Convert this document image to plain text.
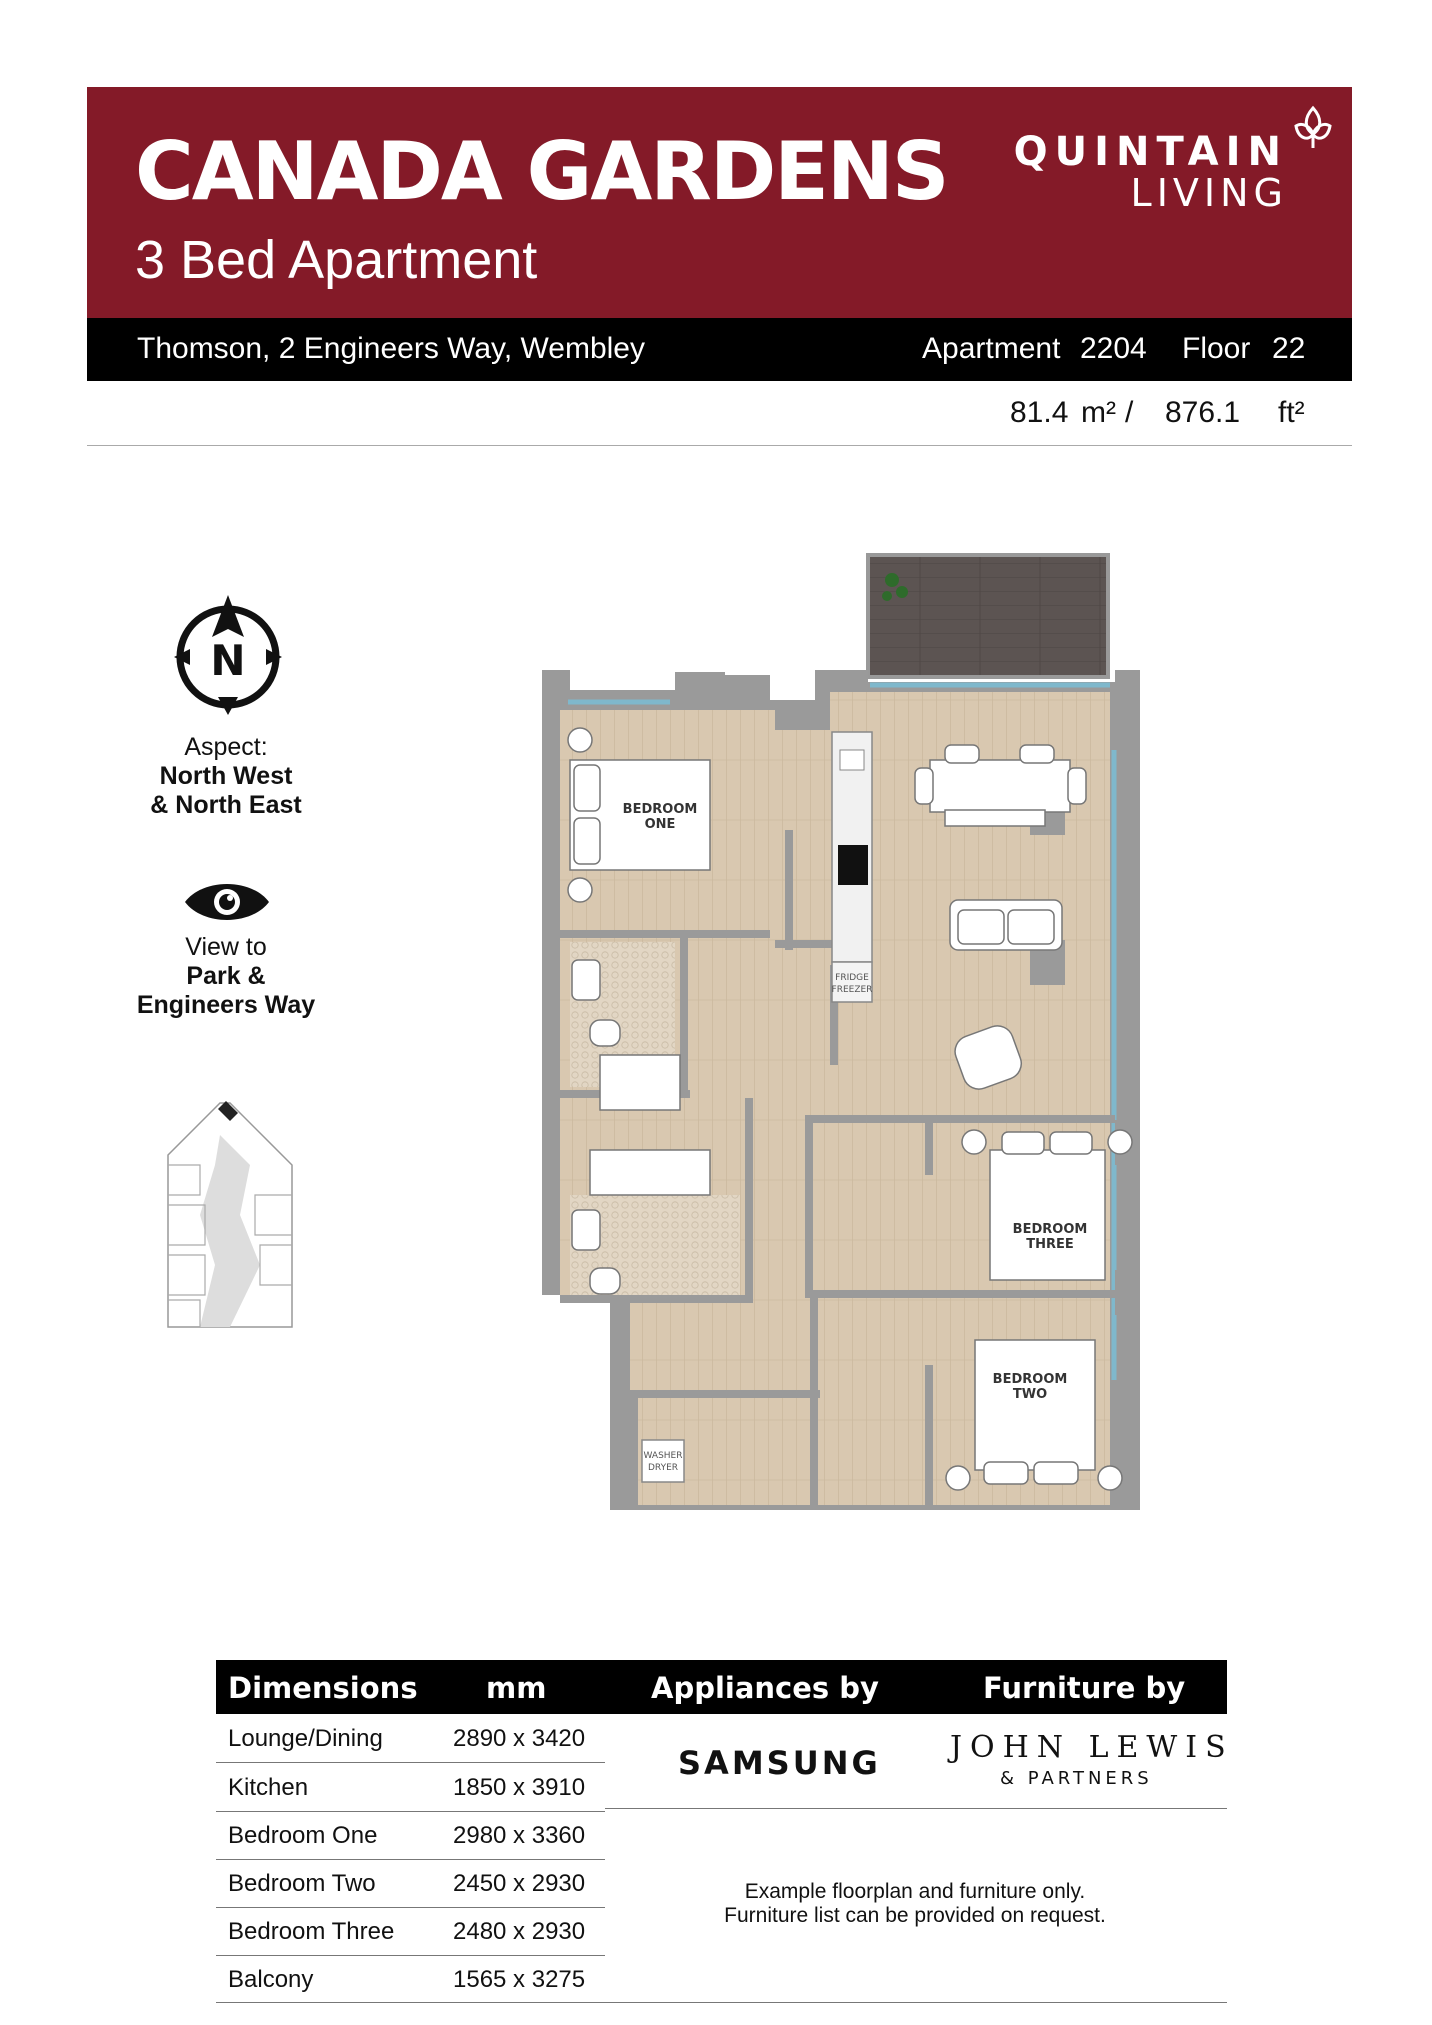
CANADA GARDENS
3 Bed Apartment
QUINTAIN
LIVING
Thomson, 2 Engineers Way, Wembley	Apartment 2204 Floor 22
81.4 m² / 876.1 ft²
N
Aspect:
North West
& North East
View to
Park &
Engineers Way
FRIDGE
FREEZER
BEDROOM
ONE
BEDROOM
THREE
BEDROOM
TWO
WASHER
DRYER
Dimensions mm	Appliances by	Furniture by
Lounge/Dining	2890 x 3420
Kitchen	1850 x 3910
Bedroom One	2980 x 3360
Bedroom Two	2450 x 2930
Bedroom Three 2480 x 2930
Balcony	1565 x 3275
SAMSUNG JOHN LEWIS
& PARTNERS
Example floorplan and furniture only.
Furniture list can be provided on request.
